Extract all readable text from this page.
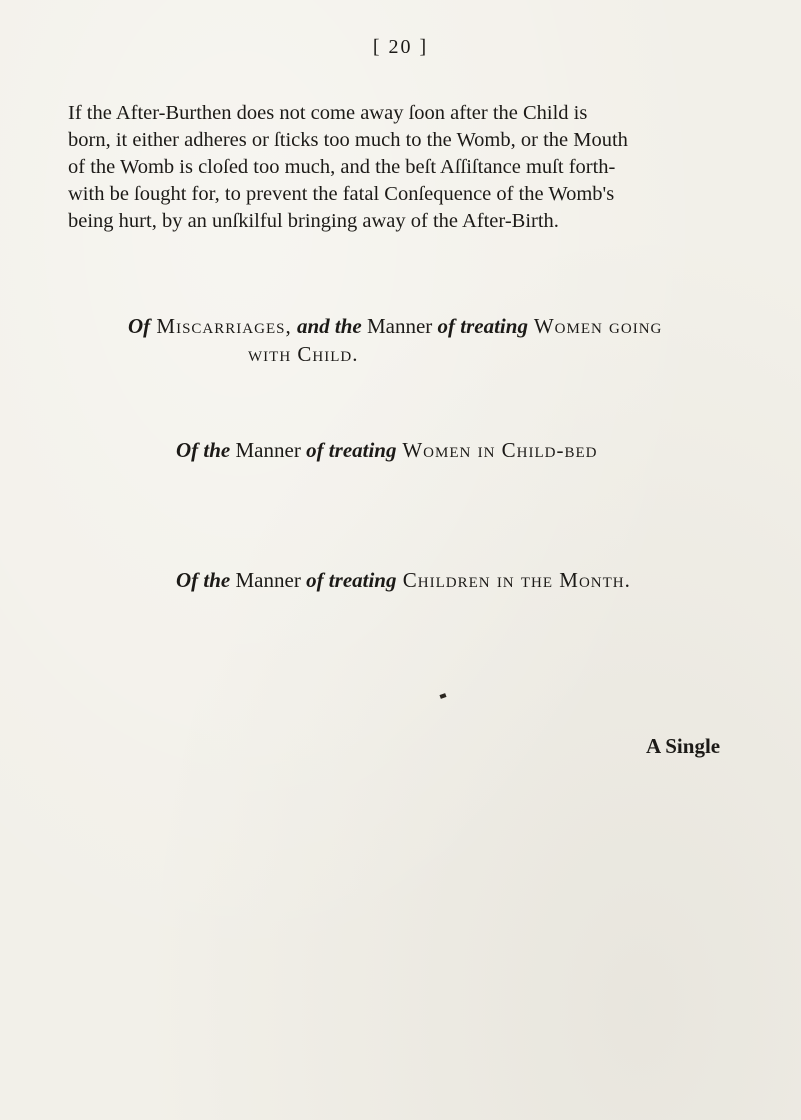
[ 20 ]

If the After-Burthen does not come away ſoon after the Child is
born, it either adheres or ſticks too much to the Womb, or the Mouth
of the Womb is cloſed too much, and the beſt Aſſiſtance muſt forth-
with be ſought for, to prevent the fatal Conſequence of the Womb's
being hurt, by an unſkilful bringing away of the After-Birth.

Of Miscarriages, and the Manner of treating Women going
with Child.
Of the Manner of treating Women in Child-bed
Of the Manner of treating Children in the Month.
A Single
